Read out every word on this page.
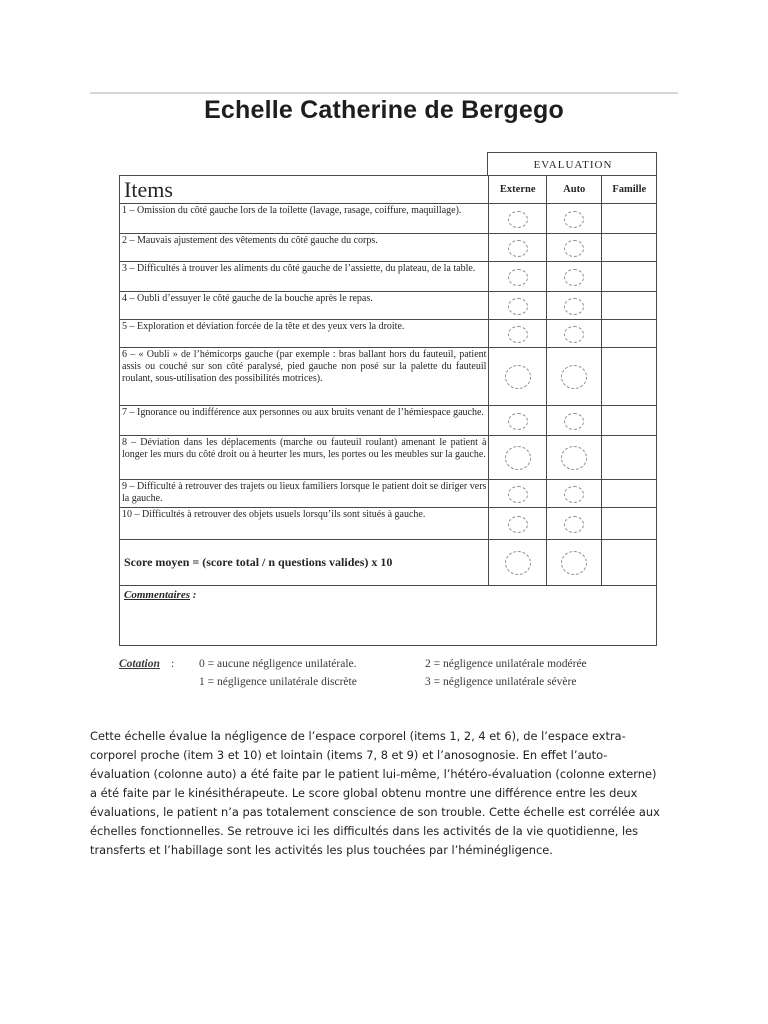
Echelle Catherine de Bergego
EVALUATION
Items	Externe	Auto	Famille
1 – Omission du côté gauche lors de la toilette (lavage, rasage, coiffure, maquillage).	

2 – Mauvais ajustement des vêtements du côté gauche du corps.	

3 – Difficultés à trouver les aliments du côté gauche de l’assiette, du plateau, de la table.	

4 – Oubli d’essuyer le côté gauche de la bouche après le repas.	

5 – Exploration et déviation forcée de la tête et des yeux vers la droite.	

6 – « Oubli » de l’hémicorps gauche (par exemple : bras ballant hors du fauteuil, patient assis ou couché sur son côté paralysé, pied gauche non posé sur la palette du fauteuil roulant, sous-utilisation des possibilités motrices).	

7 – Ignorance ou indifférence aux personnes ou aux bruits venant de l’hémiespace gauche.	

8 – Déviation dans les déplacements (marche ou fauteuil roulant) amenant le patient à longer les murs du côté droit ou à heurter les murs, les portes ou les meubles sur la gauche.	

9 – Difficulté à retrouver des trajets ou lieux familiers lorsque le patient doit se diriger vers la gauche.	

10 – Difficultés à retrouver des objets usuels lorsqu’ils sont situés à gauche.	

Score moyen = (score total / n questions valides) x 10	

Commentaires :			
Cotation : 0 = aucune négligence unilatérale.
1 = négligence unilatérale discrète
2 = négligence unilatérale modérée
3 = négligence unilatérale sévère

Cette échelle évalue la négligence de l’espace corporel (items 1, 2, 4 et 6), de l’espace extra-corporel proche (item 3 et 10) et lointain (items 7, 8 et 9) et l’anosognosie. En effet l’auto-évaluation (colonne auto) a été faite par le patient lui-même, l’hétéro-évaluation (colonne externe) a été faite par le kinésithérapeute. Le score global obtenu montre une différence entre les deux évaluations, le patient n’a pas totalement conscience de son trouble. Cette échelle est corrélée aux échelles fonctionnelles. Se retrouve ici les difficultés dans les activités de la vie quotidienne, les transferts et l’habillage sont les activités les plus touchées par l’héminégligence.
